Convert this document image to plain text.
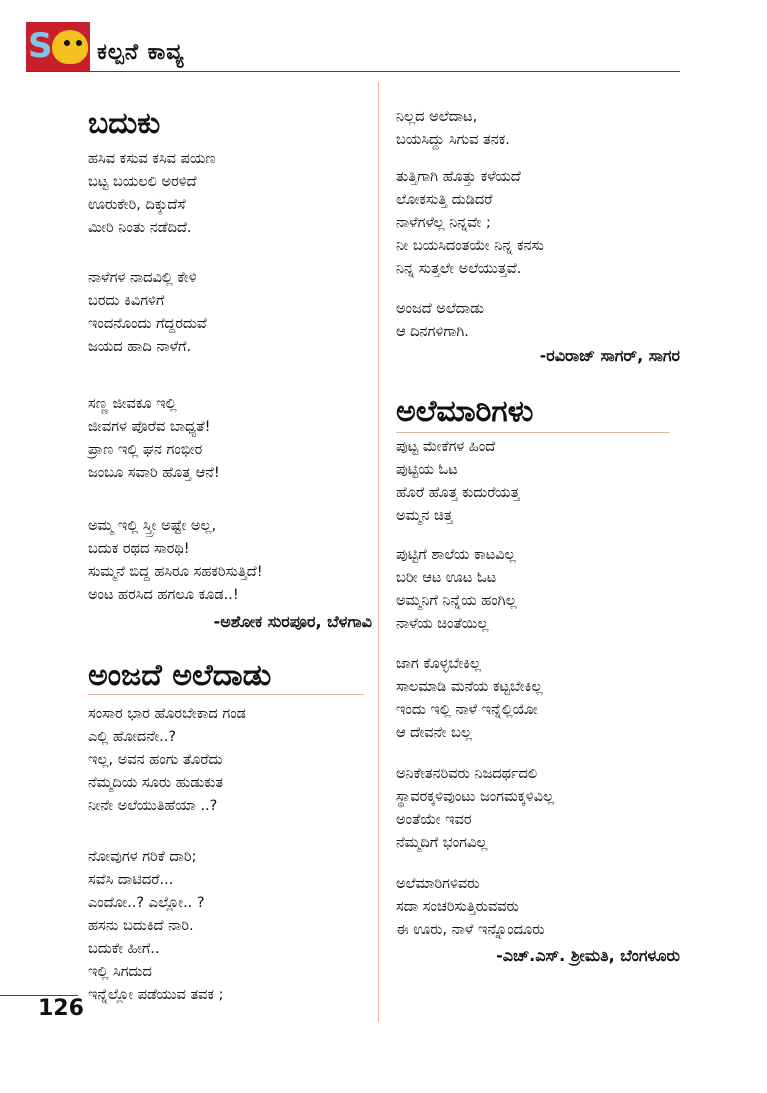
S ಕಲ್ಪನೆ ಕಾವ್ಯ
ಬದುಕು
ಹಸಿವ ಕಸುವ ಕಸಿವ ಪಯಣ
ಬಟ್ಟ ಬಯಲಲಿ ಅರಳಿದೆ
ಊರುಕೇರಿ, ದಿಕ್ಕುದೆಸೆ
ಮೀರಿ ನಿಂತು ನಡೆದಿದೆ.
ನಾಳೆಗಳ ನಾದವಿಲ್ಲಿ ಕೇಳಿ
ಬರದು ಕಿವಿಗಳಿಗೆ
ಇಂದನೊಂದು ಗೆದ್ದರದುವೆ
ಜಯದ ಹಾದಿ ನಾಳೆಗೆ.
ಸಣ್ಣ ಜೀವಕೂ ಇಲ್ಲಿ
ಜೀವಗಳ ಪೊರೆವ ಬಾಧ್ಯತೆ!
ಪ್ರಾಣ ಇಲ್ಲಿ ಘನ ಗಂಭೀರ
ಜಂಬೂ ಸವಾರಿ ಹೊತ್ತ ಆನೆ!
ಅಮ್ಮ ಇಲ್ಲಿ ಸ್ತ್ರೀ ಅಷ್ಟೇ ಅಲ್ಲ,
ಬದುಕ ರಥದ ಸಾರಥಿ!
ಸುಮ್ಮನೆ ಬಿದ್ದ ಹಸಿರೂ ಸಹಕರಿಸುತ್ತಿದೆ!
ಅಂಟ ಹರಸಿದ ಹಗಲೂ ಕೂಡ..!
-ಅಶೋಕ ಸುರಪೂರ, ಬೆಳಗಾವಿ
ಅಂಜದೆ ಅಲೆದಾಡು
ಸಂಸಾರ ಭಾರ ಹೊರಬೇಕಾದ ಗಂಡ
ಎಲ್ಲಿ ಹೋದನೇ..?
ಇಲ್ಲ, ಅವನ ಹಂಗು ತೊರೆದು
ನೆಮ್ಮದಿಯ ಸೂರು ಹುಡುಕುತ
ನೀನೇ ಅಲೆಯುತಿಹೆಯಾ ..?
ನೋವುಗಳ ಗರಿಕೆ ದಾರಿ;
ಸವೆಸಿ ದಾಟಿದರೆ...
ಎಂದೋ..? ಎಲ್ಲೋ.. ?
ಹಸನು ಬದುಕಿದೆ ನಾರಿ.
ಬದುಕೇ ಹೀಗೆ..
ಇಲ್ಲಿ ಸಿಗದುದ
ಇನ್ನೆಲ್ಲೋ ಪಡೆಯುವ ತವಕ ;
ನಿಲ್ಲದ ಅಲೆದಾಟ,
ಬಯಸಿದ್ದು ಸಿಗುವ ತನಕ.
ತುತ್ತಿಗಾಗಿ ಹೊತ್ತು ಕಳೆಯದೆ
ಲೋಕಸುತ್ತಿ ದುಡಿದರೆ
ನಾಳೆಗಳೆಲ್ಲ ನಿನ್ನವೇ ;
ನೀ ಬಯಸಿದಂತಯೇ ನಿನ್ನ ಕನಸು
ನಿನ್ನ ಸುತ್ತಲೇ ಅಲೆಯುತ್ತವೆ.
ಅಂಜದೆ ಅಲೆದಾಡು
ಆ ದಿನಗಳಿಗಾಗಿ.
-ರವಿರಾಜ್ ಸಾಗರ್, ಸಾಗರ
ಅಲೆಮಾರಿಗಳು
ಪುಟ್ಟ ಮೇಕೆಗಳ ಹಿಂದೆ
ಪುಟ್ಟಿಯ ಓಟ
ಹೊರೆ ಹೊತ್ತ ಕುದುರೆಯತ್ತ
ಅಮ್ಮನ ಚಿತ್ತ
ಪುಟ್ಟಿಗೆ ಶಾಲೆಯ ಕಾಟವಿಲ್ಲ
ಬರೀ ಆಟ ಊಟ ಓಟ
ಅಮ್ಮನಿಗೆ ನಿನ್ನೆಯ ಹಂಗಿಲ್ಲ
ನಾಳೆಯ ಚಿಂತೆಯಿಲ್ಲ
ಜಾಗ ಕೊಳ್ಳಬೇಕಿಲ್ಲ
ಸಾಲಮಾಡಿ ಮನೆಯ ಕಟ್ಟಬೇಕಿಲ್ಲ
ಇಂದು ಇಲ್ಲಿ ನಾಳೆ ಇನ್ನೆಲ್ಲಿಯೋ
ಆ ದೇವನೇ ಬಲ್ಲ
ಅನಿಕೇತನರಿವರು ನಿಜದರ್ಥದಲಿ
ಸ್ಥಾವರಕ್ಕಳಿವುಂಟು ಜಂಗಮಕ್ಕಳಿವಿಲ್ಲ
ಅಂತೆಯೇ ಇವರ
ನೆಮ್ಮದಿಗೆ ಭಂಗವಿಲ್ಲ
ಅಲೆಮಾರಿಗಳಿವರು
ಸದಾ ಸಂಚರಿಸುತ್ತಿರುವವರು
ಈ ಊರು, ನಾಳೆ ಇನ್ನೊಂದೂರು
-ಎಚ್.ಎಸ್. ಶ್ರೀಮತಿ, ಬೆಂಗಳೂರು
126
